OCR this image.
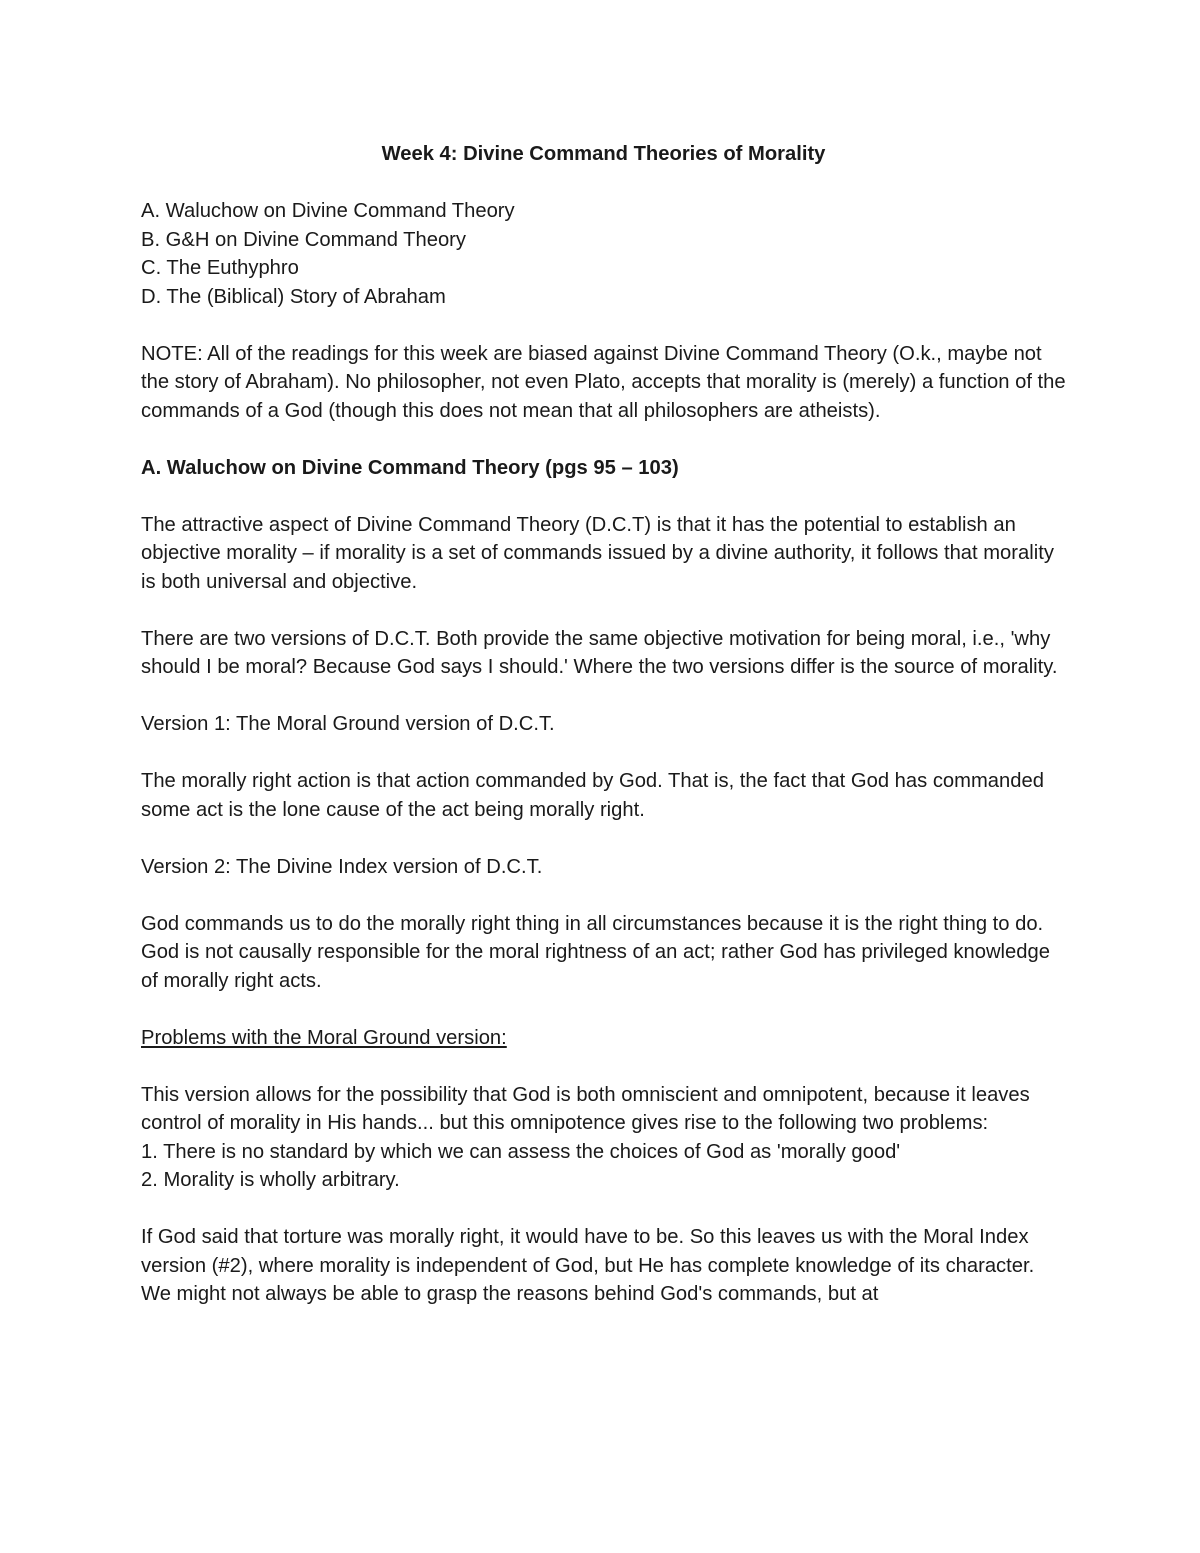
Week 4: Divine Command Theories of Morality

A. Waluchow on Divine Command Theory

B. G&H on Divine Command Theory

C. The Euthyphro

D. The (Biblical) Story of Abraham

NOTE: All of the readings for this week are biased against Divine Command Theory (O.k., maybe not the story of Abraham). No philosopher, not even Plato, accepts that morality is (merely) a function of the commands of a God (though this does not mean that all philosophers are atheists).

A. Waluchow on Divine Command Theory (pgs 95 – 103)

The attractive aspect of Divine Command Theory (D.C.T) is that it has the potential to establish an objective morality – if morality is a set of commands issued by a divine authority, it follows that morality is both universal and objective.

There are two versions of D.C.T. Both provide the same objective motivation for being moral, i.e., 'why should I be moral? Because God says I should.' Where the two versions differ is the source of morality.

Version 1: The Moral Ground version of D.C.T.

The morally right action is that action commanded by God. That is, the fact that God has commanded some act is the lone cause of the act being morally right.

Version 2: The Divine Index version of D.C.T.

God commands us to do the morally right thing in all circumstances because it is the right thing to do. God is not causally responsible for the moral rightness of an act; rather God has privileged knowledge of morally right acts.

Problems with the Moral Ground version:

This version allows for the possibility that God is both omniscient and omnipotent, because it leaves control of morality in His hands... but this omnipotence gives rise to the following two problems:

1. There is no standard by which we can assess the choices of God as 'morally good'

2. Morality is wholly arbitrary.

If God said that torture was morally right, it would have to be. So this leaves us with the Moral Index version (#2), where morality is independent of God, but He has complete knowledge of its character. We might not always be able to grasp the reasons behind God's commands, but at
